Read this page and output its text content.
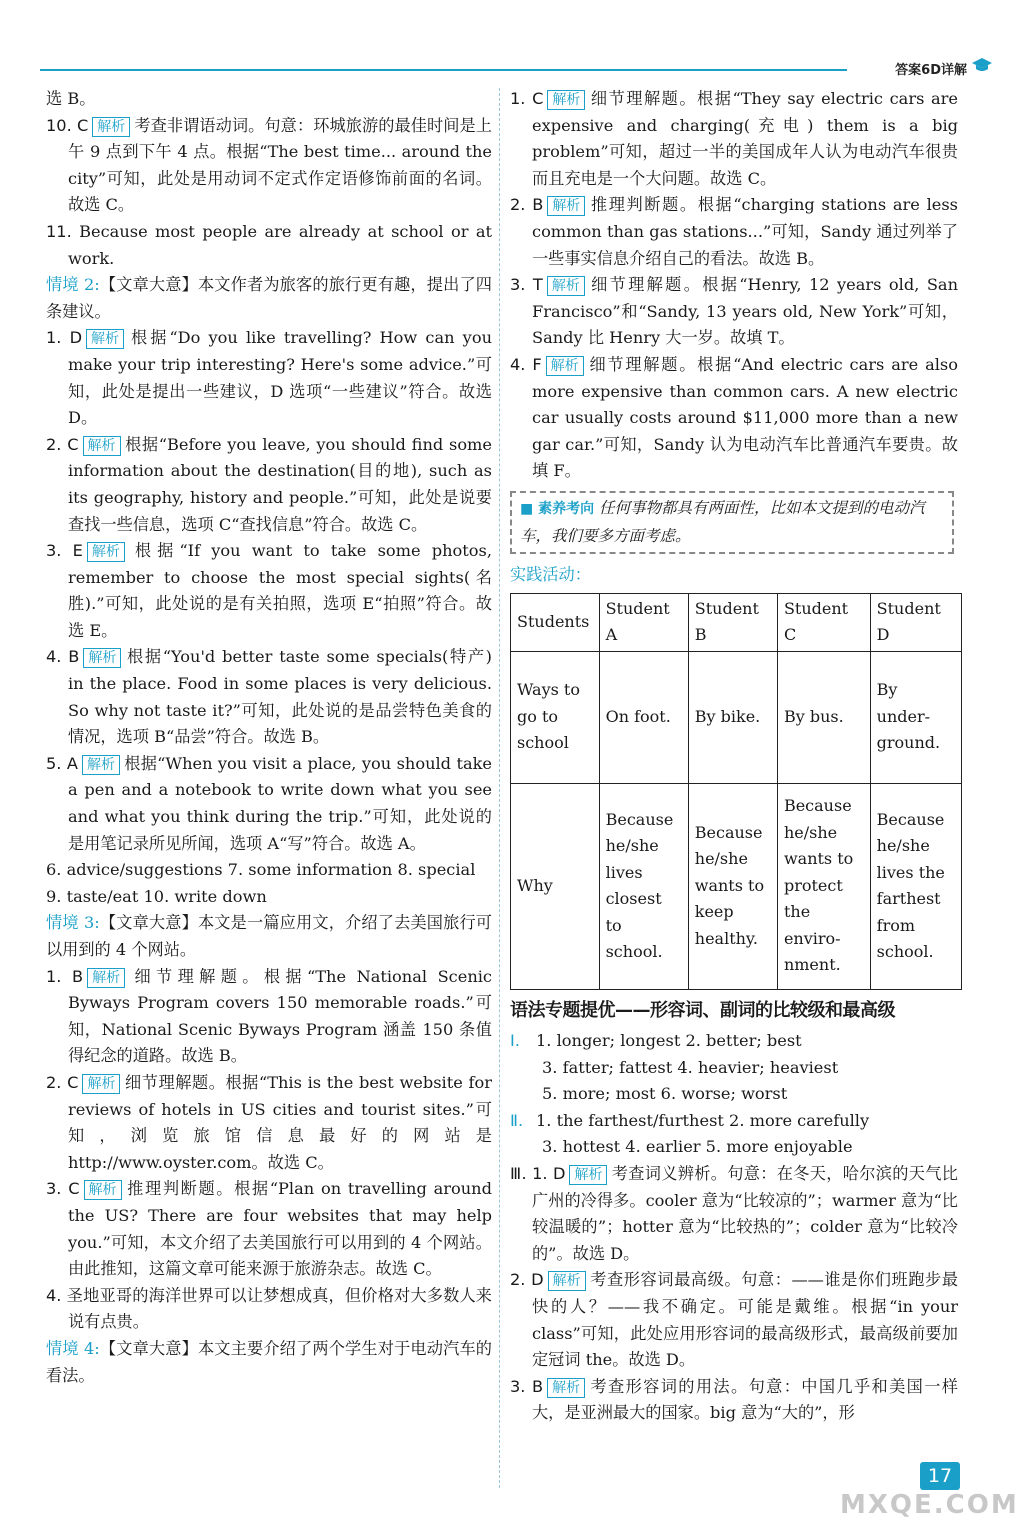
答案6D详解

选 B。

10. C 解析 考查非谓语动词。句意：环城旅游的最佳时间是上午 9 点到下午 4 点。根据“The best time... around the city”可知，此处是用动词不定式作定语修饰前面的名词。故选 C。

11. Because most people are already at school or at work.

情境 2:【文章大意】本文作者为旅客的旅行更有趣，提出了四条建议。

1. D 解析 根据“Do you like travelling? How can you make your trip interesting? Here's some advice.”可知，此处是提出一些建议，D 选项“一些建议”符合。故选 D。

2. C 解析 根据“Before you leave, you should find some information about the destination(目的地), such as its geography, history and people.”可知，此处是说要查找一些信息，选项 C“查找信息”符合。故选 C。

3. E 解析 根据“If you want to take some photos, remember to choose the most special sights(名胜).”可知，此处说的是有关拍照，选项 E“拍照”符合。故选 E。

4. B 解析 根据“You'd better taste some specials(特产) in the place. Food in some places is very delicious. So why not taste it?”可知，此处说的是品尝特色美食的情况，选项 B“品尝”符合。故选 B。

5. A 解析 根据“When you visit a place, you should take a pen and a notebook to write down what you see and what you think during the trip.”可知，此处说的是用笔记录所见所闻，选项 A“写”符合。故选 A。

6. advice/suggestions 7. some information 8. special

9. taste/eat 10. write down

情境 3:【文章大意】本文是一篇应用文，介绍了去美国旅行可以用到的 4 个网站。

1. B 解析 细节理解题。根据“The National Scenic Byways Program covers 150 memorable roads.”可知，National Scenic Byways Program 涵盖 150 条值得纪念的道路。故选 B。

2. C 解析 细节理解题。根据“This is the best website for reviews of hotels in US cities and tourist sites.”可知，浏览旅馆信息最好的网站是 http://www.oyster.com。故选 C。

3. C 解析 推理判断题。根据“Plan on travelling around the US? There are four websites that may help you.”可知，本文介绍了去美国旅行可以用到的 4 个网站。由此推知，这篇文章可能来源于旅游杂志。故选 C。

4. 圣地亚哥的海洋世界可以让梦想成真，但价格对大多数人来说有点贵。

情境 4:【文章大意】本文主要介绍了两个学生对于电动汽车的看法。

1. C 解析 细节理解题。根据“They say electric cars are expensive and charging(充电) them is a big problem”可知，超过一半的美国成年人认为电动汽车很贵而且充电是一个大问题。故选 C。

2. B 解析 推理判断题。根据“charging stations are less common than gas stations...”可知，Sandy 通过列举了一些事实信息介绍自己的看法。故选 B。

3. T 解析 细节理解题。根据“Henry, 12 years old, San Francisco”和“Sandy, 13 years old, New York”可知，Sandy 比 Henry 大一岁。故填 T。

4. F 解析 细节理解题。根据“And electric cars are also more expensive than common cars. A new electric car usually costs around $11,000 more than a new gar car.”可知，Sandy 认为电动汽车比普通汽车要贵。故填 F。

■ 素养考向 任何事物都具有两面性，比如本文提到的电动汽车，我们要多方面考虑。

实践活动：

Students	Student A	Student B	Student C	Student D
Ways to go to school	On foot.	By bike.	By bus.	By under-ground.
Why	Because he/she lives closest to school.	Because he/she wants to keep healthy.	Because he/she wants to protect the enviro-nment.	Because he/she lives the farthest from school.
语法专题提优——形容词、副词的比较级和最高级

Ⅰ. 1. longer; longest 2. better; best

3. fatter; fattest 4. heavier; heaviest

5. more; most 6. worse; worst

Ⅱ. 1. the farthest/furthest 2. more carefully

3. hottest 4. earlier 5. more enjoyable

Ⅲ. 1. D 解析 考查词义辨析。句意：在冬天，哈尔滨的天气比广州的冷得多。cooler 意为“比较凉的”；warmer 意为“比较温暖的”；hotter 意为“比较热的”；colder 意为“比较冷的”。故选 D。

2. D 解析 考查形容词最高级。句意：——谁是你们班跑步最快的人？——我不确定。可能是戴维。根据“in your class”可知，此处应用形容词的最高级形式，最高级前要加定冠词 the。故选 D。

3. B 解析 考查形容词的用法。句意：中国几乎和美国一样大，是亚洲最大的国家。big 意为“大的”，形

17
MXQE.COM
